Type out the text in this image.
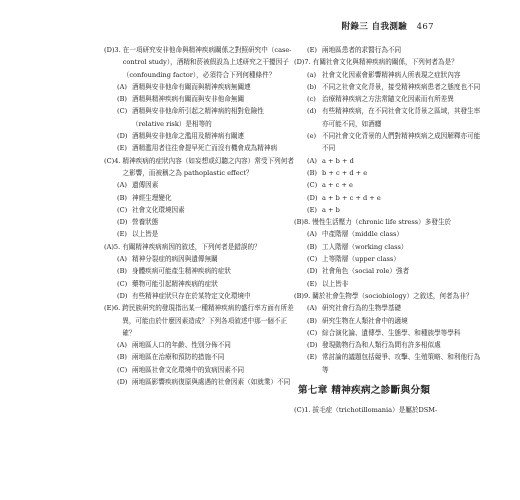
附錄三 自我測驗 467
(D)3. 在一項研究安非他命與精神疾病關係之對照研究中（case-control study），酒精和菸被假設為上述研究之干擾因子（confounding factor），必須符合下列何種條件？
(A) 酒精與安非他命有關而與精神疾病無關連
(B) 酒精與精神疾病有關而與安非他命無關
(C) 酒精與安非他命所引起之精神病的相對危險性（relative risk）是相等的
(D) 酒精與安非他命之濫用及精神病有關連
(E) 酒精濫用者往往會提早死亡而沒有機會成為精神病
(C)4. 精神疾病的症狀內容（如妄想或幻聽之內容）常受下列何者之影響，而被稱之為 pathoplastic effect？
(A) 遺傳因素
(B) 神經生理變化
(C) 社會文化環境因素
(D) 營養狀態
(E) 以上皆是
(A)5. 有關精神疾病病因的敘述，下列何者是錯誤的？
(A) 精神分裂症的病因與遺傳無關
(B) 身體疾病可能產生精神疾病的症狀
(C) 藥物可能引起精神疾病的症狀
(D) 有些精神症狀只存在於某特定文化環境中
(E)6. 跨民族研究的發現指出某一種精神疾病的盛行率方面有所差異，可能由於什麼因素造成？下列各項敘述中那一個不正確？
(A) 兩地區人口的年齡、性別分佈不同
(B) 兩地區在治療和預防的措施不同
(C) 兩地區社會文化環境中的致病因素不同
(D) 兩地區影響疾病復原與處遇的社會因素（如就業）不同
(E) 兩地區患者的求醫行為不同
(D)7. 有關社會文化與精神疾病的關係，下列何者為是？
(a) 社會文化因素會影響精神病人所表現之症狀內容
(b) 不同之社會文化背景，接受精神疾病患者之態度也不同
(c) 治療精神疾病之方法常隨文化因素而有所差異
(d) 有些精神疾病，在不同社會文化背景之區域，其發生率亦可能不同，如酒癮
(e) 不同社會文化背景的人們對精神疾病之成因解釋亦可能不同
(A) a + b + d
(B) b + c + d + e
(C) a + c + e
(D) a + b + c + d + e
(E) a + b
(B)8. 慢性生活壓力（chronic life stress）多發生於
(A) 中產階層（middle class）
(B) 工人階層（working class）
(C) 上等階層（upper class）
(D) 社會角色（social role）強者
(E) 以上皆非
(B)9. 關於社會生物學（sociobiology）之敘述，何者為非？
(A) 研究社會行為的生物學基礎
(B) 研究生物在人類社會中的適境
(C) 綜合演化論、遺傳學、生態學、和種族學等學科
(D) 發現動物行為和人類行為間有許多相似處
(E) 常討論的議題包括競爭、攻擊、生殖策略、和利他行為等
第七章 精神疾病之診斷與分類
(C)1. 拔毛症（trichotillomania）是屬於DSM-
